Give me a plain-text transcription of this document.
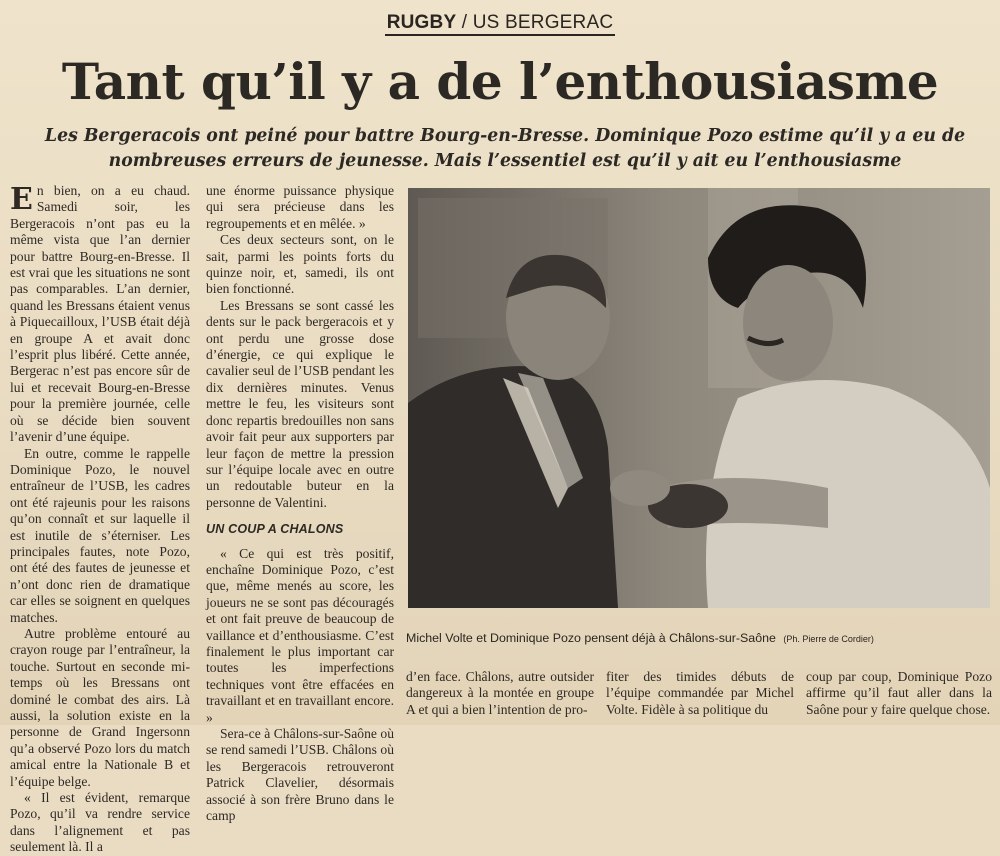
RUGBY / US BERGERAC
Tant qu’il y a de l’enthousiasme
Les Bergeracois ont peiné pour battre Bourg-en-Bresse. Dominique Pozo estime qu’il y a eu de nombreuses erreurs de jeunesse. Mais l’essentiel est qu’il y ait eu l’enthousiasme

En bien, on a eu chaud. Samedi soir, les Bergeracois n’ont pas eu la même vista que l’an dernier pour battre Bourg-en-Bresse. Il est vrai que les situations ne sont pas comparables. L’an dernier, quand les Bressans étaient venus à Piquecailloux, l’USB était déjà en groupe A et avait donc l’esprit plus libéré. Cette année, Bergerac n’est pas encore sûr de lui et recevait Bourg-en-Bresse pour la première journée, celle où se décide bien souvent l’avenir d’une équipe.

En outre, comme le rappelle Dominique Pozo, le nouvel entraîneur de l’USB, les cadres ont été rajeunis pour les raisons qu’on connaît et sur laquelle il est inutile de s’éterniser. Les principales fautes, note Pozo, ont été des fautes de jeunesse et n’ont donc rien de dramatique car elles se soignent en quelques matches.

Autre problème entouré au crayon rouge par l’entraîneur, la touche. Surtout en seconde mi-temps où les Bressans ont dominé le combat des airs. Là aussi, la solution existe en la personne de Grand Ingersonn qu’a observé Pozo lors du match amical entre la Nationale B et l’équipe belge.

« Il est évident, remarque Pozo, qu’il va rendre service dans l’alignement et pas seulement là. Il a

une énorme puissance physique qui sera précieuse dans les regroupements et en mêlée. »

Ces deux secteurs sont, on le sait, parmi les points forts du quinze noir, et, samedi, ils ont bien fonctionné.

Les Bressans se sont cassé les dents sur le pack bergeracois et y ont perdu une grosse dose d’énergie, ce qui explique le cavalier seul de l’USB pendant les dix dernières minutes. Venus mettre le feu, les visiteurs sont donc repartis bredouilles non sans avoir fait peur aux supporters par leur façon de mettre la pression sur l’équipe locale avec en outre un redoutable buteur en la personne de Valentini.

UN COUP A CHALONS

« Ce qui est très positif, enchaîne Dominique Pozo, c’est que, même menés au score, les joueurs ne se sont pas découragés et ont fait preuve de beaucoup de vaillance et d’enthousiasme. C’est finalement le plus important car toutes les imperfections techniques vont être effacées en travaillant et en travaillant encore. »

Sera-ce à Châlons-sur-Saône où se rend samedi l’USB. Châlons où les Bergeracois retrouveront Patrick Clavelier, désormais associé à son frère Bruno dans le camp

Michel Volte et Dominique Pozo pensent déjà à Châlons-sur-Saône (Ph. Pierre de Cordier)
d’en face. Châlons, autre outsider dangereux à la montée en groupe A et qui a bien l’intention de pro-
fiter des timides débuts de l’équipe commandée par Michel Volte. Fidèle à sa politique du
coup par coup, Dominique Pozo affirme qu’il faut aller dans la Saône pour y faire quelque chose.
